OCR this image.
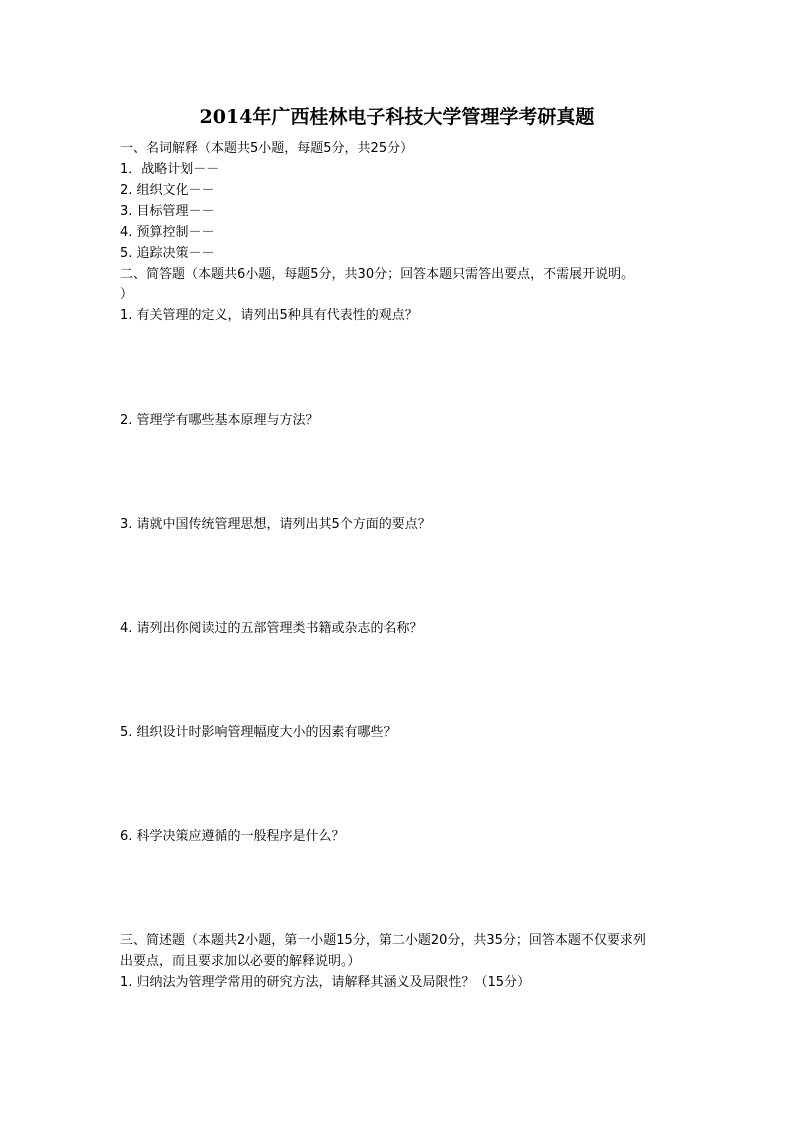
2014年广西桂林电子科技大学管理学考研真题
一、名词解释（本题共5小题，每题5分，共25分）
1．战略计划－－
2. 组织文化－－
3. 目标管理－－
4. 预算控制－－
5. 追踪决策－－
二、简答题（本题共6小题，每题5分，共30分；回答本题只需答出要点，不需展开说明。
）
1. 有关管理的定义，请列出5种具有代表性的观点？
2. 管理学有哪些基本原理与方法？
3. 请就中国传统管理思想，请列出其5个方面的要点？
4. 请列出你阅读过的五部管理类书籍或杂志的名称？
5. 组织设计时影响管理幅度大小的因素有哪些？
6. 科学决策应遵循的一般程序是什么？
三、简述题（本题共2小题，第一小题15分，第二小题20分，共35分；回答本题不仅要求列
出要点，而且要求加以必要的解释说明。）
1. 归纳法为管理学常用的研究方法，请解释其涵义及局限性？（15分）
